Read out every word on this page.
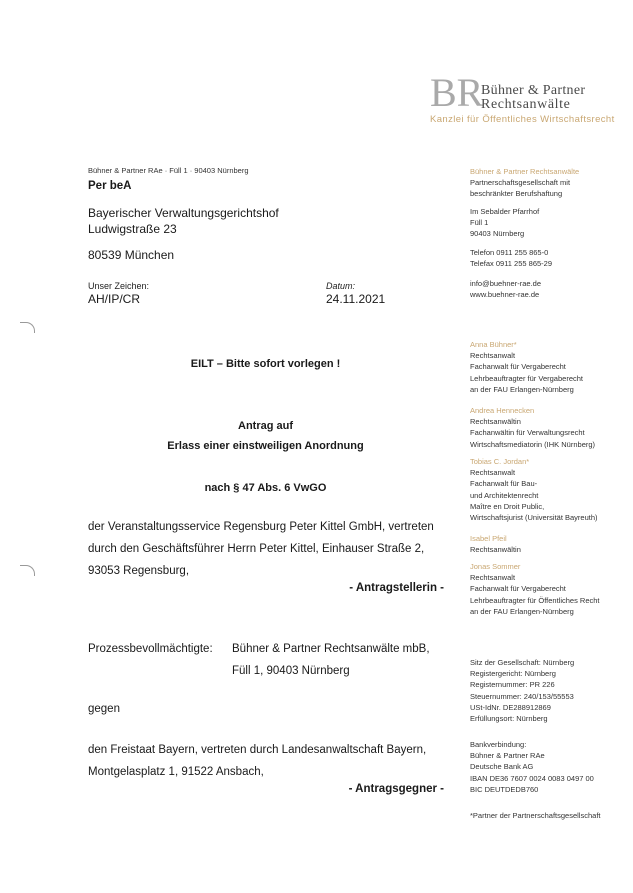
BR
Bühner & Partner
Rechtsanwälte
Kanzlei für Öffentliches Wirtschaftsrecht
Bühner & Partner RAe · Füll 1 · 90403 Nürnberg
Per beA
Bayerischer Verwaltungsgerichtshof
Ludwigstraße 23
80539 München
Unser Zeichen:
AH/IP/CR
Datum:
24.11.2021
EILT – Bitte sofort vorlegen !
Antrag auf
Erlass einer einstweiligen Anordnung
nach § 47 Abs. 6 VwGO
der Veranstaltungsservice Regensburg Peter Kittel GmbH, vertreten
durch den Geschäftsführer Herrn Peter Kittel, Einhauser Straße 2,
93053 Regensburg,
- Antragstellerin -
Prozessbevollmächtigte: Bühner & Partner Rechtsanwälte mbB,
Füll 1, 90403 Nürnberg
gegen
den Freistaat Bayern, vertreten durch Landesanwaltschaft Bayern,
Montgelasplatz 1, 91522 Ansbach,
- Antragsgegner -
Bühner & Partner Rechtsanwälte
Partnerschaftsgesellschaft mit
beschränkter Berufshaftung
Im Sebalder Pfarrhof
Füll 1
90403 Nürnberg
Telefon 0911 255 865-0
Telefax 0911 255 865-29
info@buehner-rae.de
www.buehner-rae.de
Anna Bühner*
Rechtsanwalt
Fachanwalt für Vergaberecht
Lehrbeauftragter für Vergaberecht
an der FAU Erlangen-Nürnberg
Andrea Hennecken
Rechtsanwältin
Fachanwältin für Verwaltungsrecht
Wirtschaftsmediatorin (IHK Nürnberg)
Tobias C. Jordan*
Rechtsanwalt
Fachanwalt für Bau-
und Architektenrecht
Maître en Droit Public,
Wirtschaftsjurist (Universität Bayreuth)
Isabel Pfeil
Rechtsanwältin
Jonas Sommer
Rechtsanwalt
Fachanwalt für Vergaberecht
Lehrbeauftragter für Öffentliches Recht
an der FAU Erlangen-Nürnberg
Sitz der Gesellschaft: Nürnberg
Registergericht: Nürnberg
Registernummer: PR 226
Steuernummer: 240/153/55553
USt-IdNr. DE288912869
Erfüllungsort: Nürnberg
Bankverbindung:
Bühner & Partner RAe
Deutsche Bank AG
IBAN DE36 7607 0024 0083 0497 00
BIC DEUTDEDB760
*Partner der Partnerschaftsgesellschaft
